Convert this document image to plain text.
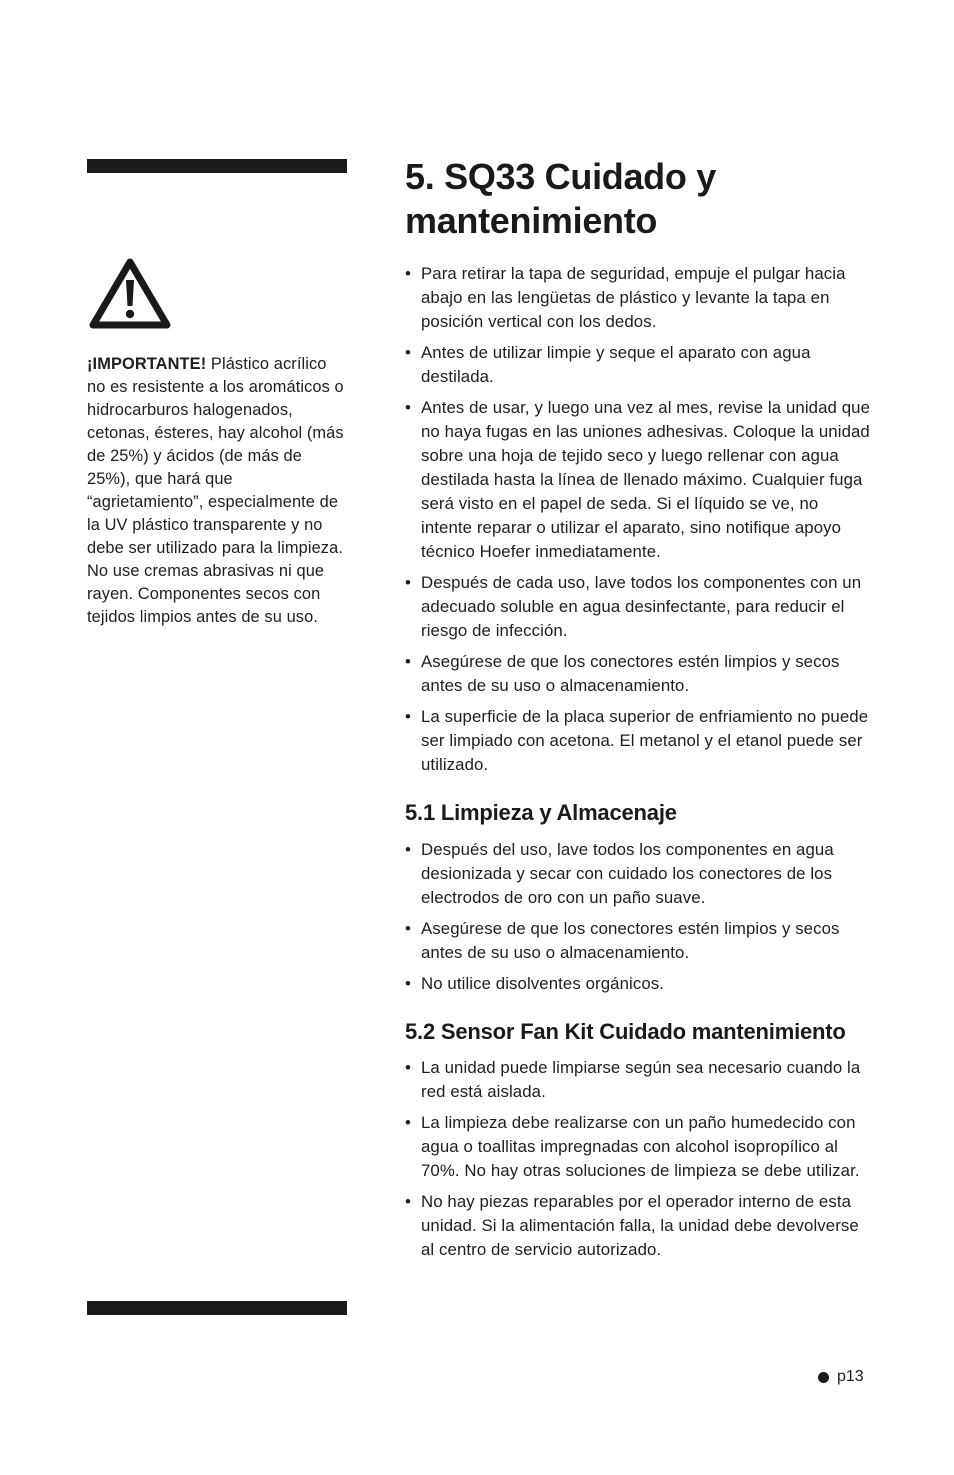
¡IMPORTANTE! Plástico acrílico no es resistente a los aromáticos o hidrocarburos halogenados, cetonas, ésteres, hay alcohol (más de 25%) y ácidos (de más de 25%), que hará que “agrietamiento”, especialmente de la UV plástico transparente y no debe ser utilizado para la limpieza. No use cremas abrasivas ni que rayen. Componentes secos con tejidos limpios antes de su uso.
5. SQ33 Cuidado y mantenimiento
• Para retirar la tapa de seguridad, empuje el pulgar hacia abajo en las lengüetas de plástico y levante la tapa en posición vertical con los dedos.
• Antes de utilizar limpie y seque el aparato con agua destilada.
• Antes de usar, y luego una vez al mes, revise la unidad que no haya fugas en las uniones adhesivas. Coloque la unidad sobre una hoja de tejido seco y luego rellenar con agua destilada hasta la línea de llenado máximo. Cualquier fuga será visto en el papel de seda. Si el líquido se ve, no intente reparar o utilizar el aparato, sino notifique apoyo técnico Hoefer inmediatamente.
• Después de cada uso, lave todos los componentes con un adecuado soluble en agua desinfectante, para reducir el riesgo de infección.
• Asegúrese de que los conectores estén limpios y secos antes de su uso o almacenamiento.
• La superficie de la placa superior de enfriamiento no puede ser limpiado con acetona. El metanol y el etanol puede ser utilizado.
5.1 Limpieza y Almacenaje
• Después del uso, lave todos los componentes en agua desionizada y secar con cuidado los conectores de los electrodos de oro con un paño suave.
• Asegúrese de que los conectores estén limpios y secos antes de su uso o almacenamiento.
• No utilice disolventes orgánicos.
5.2 Sensor Fan Kit Cuidado mantenimiento
• La unidad puede limpiarse según sea necesario cuando la red está aislada.
• La limpieza debe realizarse con un paño humedecido con agua o toallitas impregnadas con alcohol isopropílico al 70%. No hay otras soluciones de limpieza se debe utilizar.
• No hay piezas reparables por el operador interno de esta unidad. Si la alimentación falla, la unidad debe devolverse al centro de servicio autorizado.
p13
